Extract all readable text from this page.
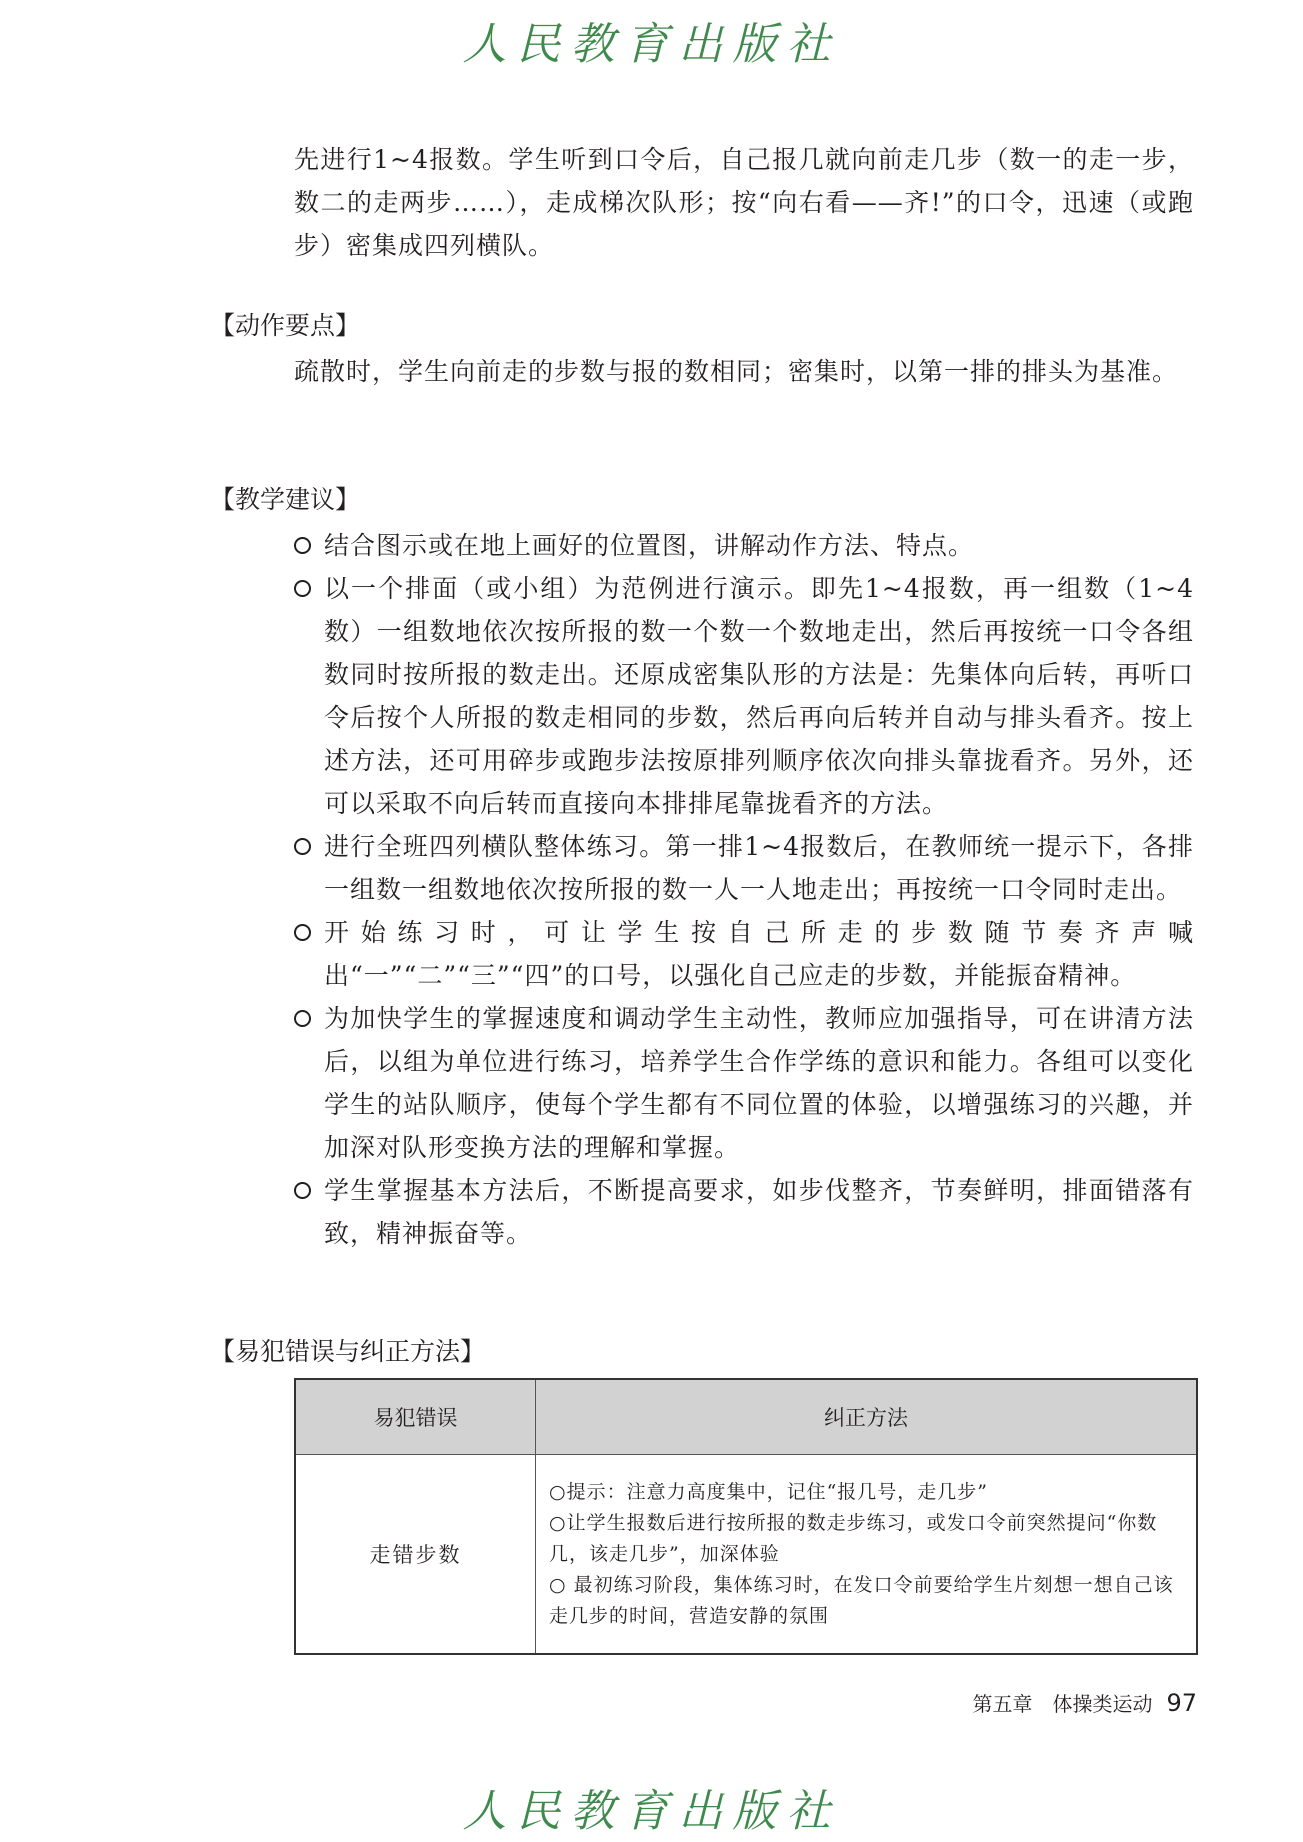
人民教育出版社
先进行1~4报数。学生听到口令后，自己报几就向前走几步（数一的走一步，数二的走两步……），走成梯次队形；按“向右看——齐!”的口令，迅速（或跑步）密集成四列横队。
【动作要点】
疏散时，学生向前走的步数与报的数相同；密集时，以第一排的排头为基准。
【教学建议】
结合图示或在地上画好的位置图，讲解动作方法、特点。
以一个排面（或小组）为范例进行演示。即先1~4报数，再一组数（1~4数）一组数地依次按所报的数一个数一个数地走出，然后再按统一口令各组数同时按所报的数走出。还原成密集队形的方法是：先集体向后转，再听口令后按个人所报的数走相同的步数，然后再向后转并自动与排头看齐。按上述方法，还可用碎步或跑步法按原排列顺序依次向排头靠拢看齐。另外，还可以采取不向后转而直接向本排排尾靠拢看齐的方法。
进行全班四列横队整体练习。第一排1~4报数后，在教师统一提示下，各排一组数一组数地依次按所报的数一人一人地走出；再按统一口令同时走出。
开始练习时，可让学生按自己所走的步数随节奏齐声喊出“一”“二”“三”“四”的口号，以强化自己应走的步数，并能振奋精神。
为加快学生的掌握速度和调动学生主动性，教师应加强指导，可在讲清方法后，以组为单位进行练习，培养学生合作学练的意识和能力。各组可以变化学生的站队顺序，使每个学生都有不同位置的体验，以增强练习的兴趣，并加深对队形变换方法的理解和掌握。
学生掌握基本方法后，不断提高要求，如步伐整齐，节奏鲜明，排面错落有致，精神振奋等。
【易犯错误与纠正方法】
易犯错误	纠正方法
走错步数	○提示：注意力高度集中，记住“报几号，走几步”
○让学生报数后进行按所报的数走步练习，或发口令前突然提问“你数几，该走几步”，加深体验
○ 最初练习阶段，集体练习时，在发口令前要给学生片刻想一想自己该走几步的时间，营造安静的氛围
第五章　体操类运动 97
人民教育出版社
